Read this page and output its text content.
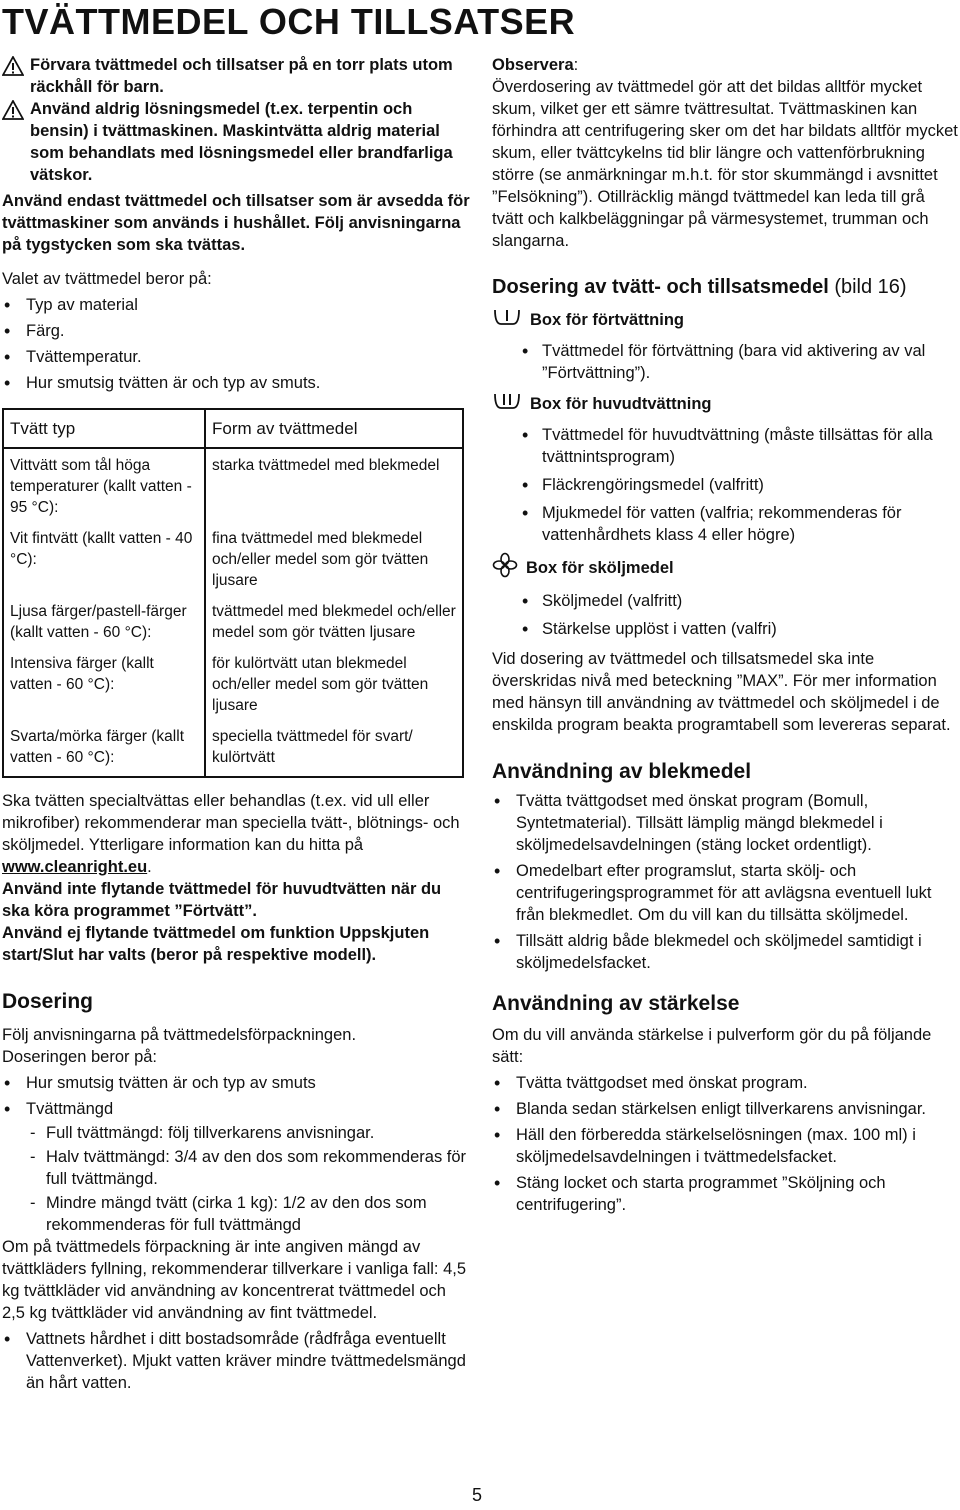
TVÄTTMEDEL OCH TILLSATSER
Förvara tvättmedel och tillsatser på en torr plats utom räckhåll för barn.
Använd aldrig lösningsmedel (t.ex. terpentin och bensin) i tvättmaskinen. Maskintvätta aldrig material som behandlats med lösningsmedel eller brandfarliga vätskor.

Använd endast tvättmedel och tillsatser som är avsedda för tvättmaskiner som används i hushållet. Följ anvisningarna på tygstycken som ska tvättas.

Valet av tvättmedel beror på:

• Typ av material
• Färg.
• Tvättemperatur.
• Hur smutsig tvätten är och typ av smuts.
Tvätt typ	Form av tvättmedel
Vittvätt som tål höga temperaturer (kallt vatten - 95 °C):	starka tvättmedel med blekmedel
Vit fintvätt (kallt vatten - 40 °C):	fina tvättmedel med blekmedel och/eller medel som gör tvätten ljusare
Ljusa färger/pastell-färger (kallt vatten - 60 °C):	tvättmedel med blekmedel och/eller medel som gör tvätten ljusare
Intensiva färger (kallt vatten - 60 °C):	för kulörtvätt utan blekmedel och/eller medel som gör tvätten ljusare
Svarta/mörka färger (kallt vatten - 60 °C):	speciella tvättmedel för svart/ kulörtvätt

Ska tvätten specialtvättas eller behandlas (t.ex. vid ull eller mikrofiber) rekommenderar man speciella tvätt-, blötnings- och sköljmedel. Ytterligare information kan du hitta på www.cleanright.eu.

Använd inte flytande tvättmedel för huvudtvätten när du ska köra programmet ”Förtvätt”.

Använd ej flytande tvättmedel om funktion Uppskjuten start/Slut har valts (beror på respektive modell).

Dosering

Följ anvisningarna på tvättmedelsförpackningen.

Doseringen beror på:

• Hur smutsig tvätten är och typ av smuts
• Tvättmängd
- Full tvättmängd: följ tillverkarens anvisningar.
- Halv tvättmängd: 3/4 av den dos som rekommenderas för full tvättmängd.
- Mindre mängd tvätt (cirka 1 kg): 1/2 av den dos som rekommenderas för full tvättmängd

Om på tvättmedels förpackning är inte angiven mängd av tvättkläders fyllning, rekommenderar tillverkare i vanliga fall: 4,5 kg tvättkläder vid användning av koncentrerat tvättmedel och 2,5 kg tvättkläder vid användning av fint tvättmedel.

• Vattnets hårdhet i ditt bostadsområde (rådfråga eventuellt Vattenverket). Mjukt vatten kräver mindre tvättmedelsmängd än hårt vatten.

Observera:

Överdosering av tvättmedel gör att det bildas alltför mycket skum, vilket ger ett sämre tvättresultat. Tvättmaskinen kan förhindra att centrifugering sker om det har bildats alltför mycket skum, eller tvättcykelns tid blir längre och vattenförbrukning större (se anmärkningar m.h.t. för stor skummängd i avsnittet ”Felsökning”). Otillräcklig mängd tvättmedel kan leda till grå tvätt och kalkbeläggningar på värmesystemet, trumman och slangarna.

Dosering av tvätt- och tillsatsmedel (bild 16)
Box för förtvättning
• Tvättmedel för förtvättning (bara vid aktivering av val ”Förtvättning”).
Box för huvudtvättning
• Tvättmedel för huvudtvättning (måste tillsättas för alla tvättnintsprogram)
• Fläckrengöringsmedel (valfritt)
• Mjukmedel för vatten (valfria; rekommenderas för vattenhårdhets klass 4 eller högre)
Box för sköljmedel
• Sköljmedel (valfritt)
• Stärkelse upplöst i vatten (valfri)

Vid dosering av tvättmedel och tillsatsmedel ska inte överskridas nivå med beteckning ”MAX”. För mer information med hänsyn till användning av tvättmedel och sköljmedel i de enskilda program beakta programtabell som levereras separat.

Användning av blekmedel
• Tvätta tvättgodset med önskat program (Bomull, Syntetmaterial). Tillsätt lämplig mängd blekmedel i sköljmedelsavdelningen (stäng locket ordentligt).
• Omedelbart efter programslut, starta skölj- och centrifugeringsprogrammet för att avlägsna eventuell lukt från blekmedlet. Om du vill kan du tillsätta sköljmedel.
• Tillsätt aldrig både blekmedel och sköljmedel samtidigt i sköljmedelsfacket.
Användning av stärkelse

Om du vill använda stärkelse i pulverform gör du på följande sätt:

• Tvätta tvättgodset med önskat program.
• Blanda sedan stärkelsen enligt tillverkarens anvisningar.
• Häll den förberedda stärkelselösningen (max. 100 ml) i sköljmedelsavdelningen i tvättmedelsfacket.
• Stäng locket och starta programmet ”Sköljning och centrifugering”.
5
